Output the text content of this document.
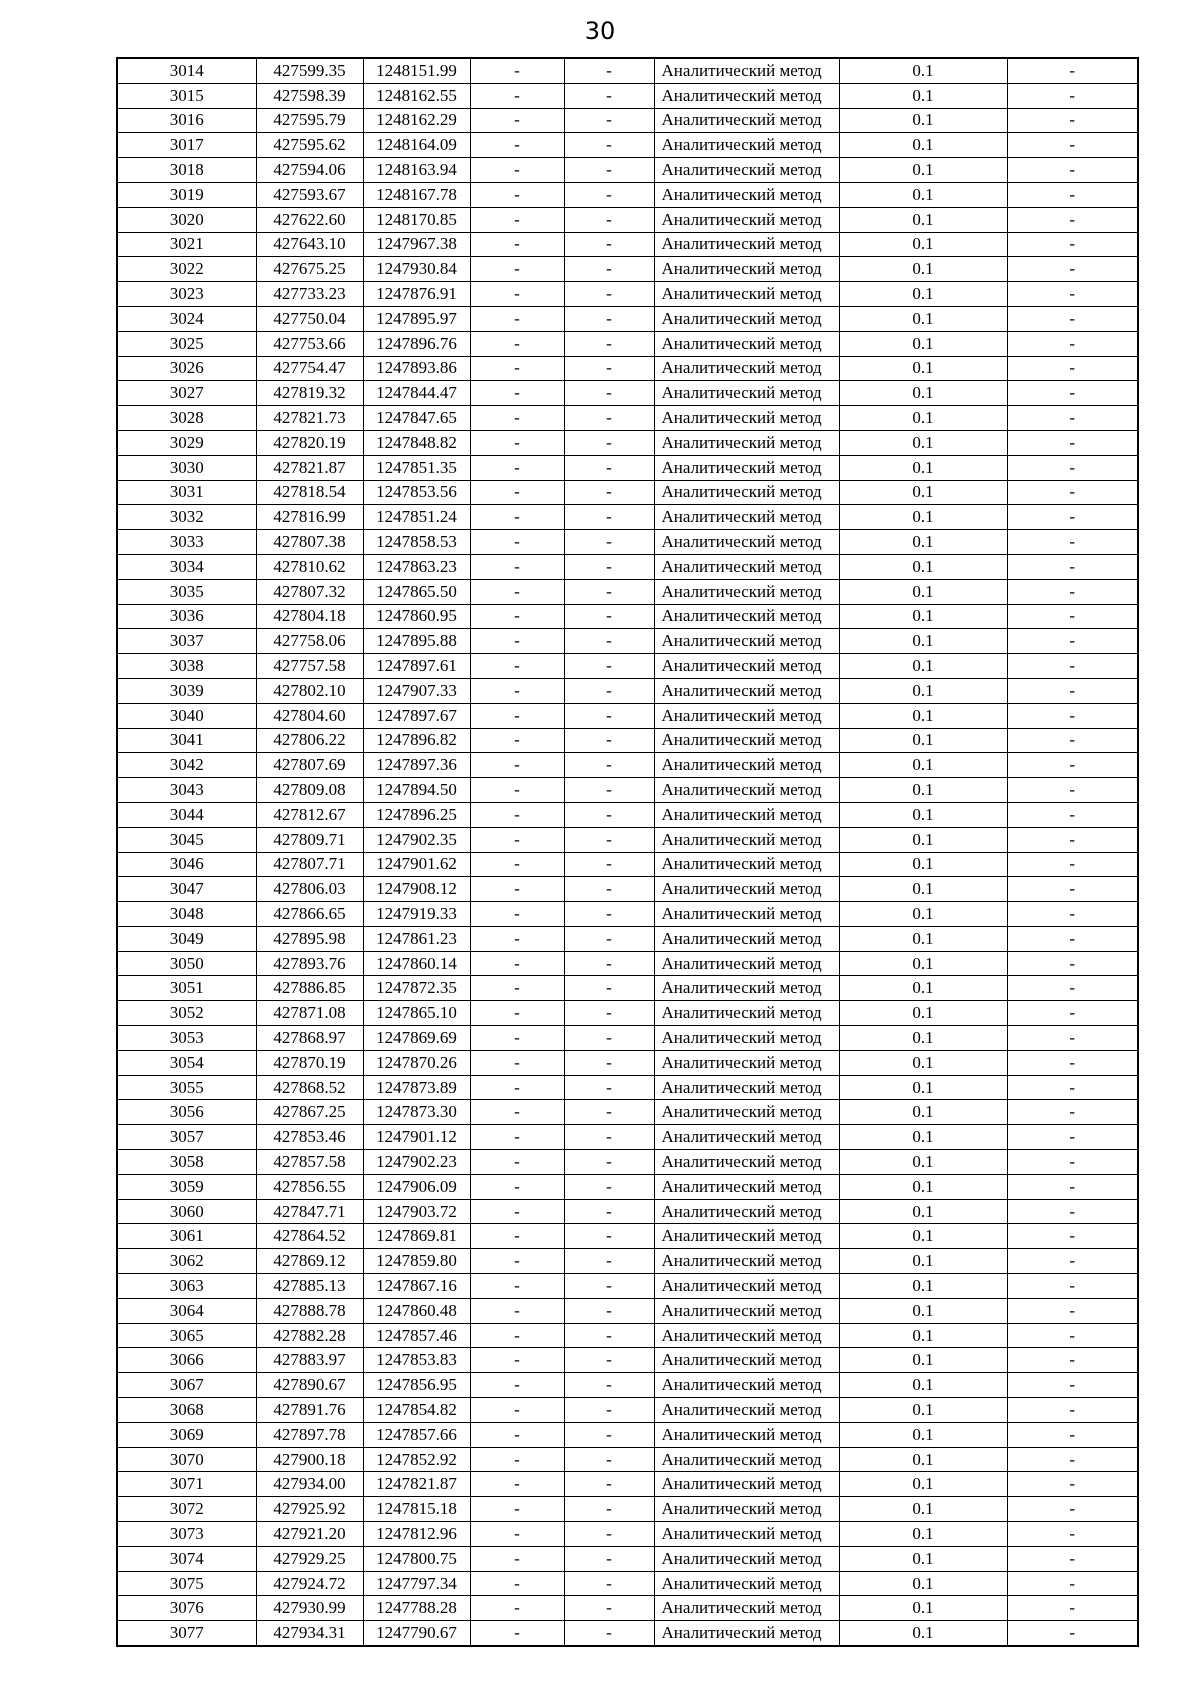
30
3014	427599.35	1248151.99	-	-	Аналитический метод	0.1	-
3015	427598.39	1248162.55	-	-	Аналитический метод	0.1	-
3016	427595.79	1248162.29	-	-	Аналитический метод	0.1	-
3017	427595.62	1248164.09	-	-	Аналитический метод	0.1	-
3018	427594.06	1248163.94	-	-	Аналитический метод	0.1	-
3019	427593.67	1248167.78	-	-	Аналитический метод	0.1	-
3020	427622.60	1248170.85	-	-	Аналитический метод	0.1	-
3021	427643.10	1247967.38	-	-	Аналитический метод	0.1	-
3022	427675.25	1247930.84	-	-	Аналитический метод	0.1	-
3023	427733.23	1247876.91	-	-	Аналитический метод	0.1	-
3024	427750.04	1247895.97	-	-	Аналитический метод	0.1	-
3025	427753.66	1247896.76	-	-	Аналитический метод	0.1	-
3026	427754.47	1247893.86	-	-	Аналитический метод	0.1	-
3027	427819.32	1247844.47	-	-	Аналитический метод	0.1	-
3028	427821.73	1247847.65	-	-	Аналитический метод	0.1	-
3029	427820.19	1247848.82	-	-	Аналитический метод	0.1	-
3030	427821.87	1247851.35	-	-	Аналитический метод	0.1	-
3031	427818.54	1247853.56	-	-	Аналитический метод	0.1	-
3032	427816.99	1247851.24	-	-	Аналитический метод	0.1	-
3033	427807.38	1247858.53	-	-	Аналитический метод	0.1	-
3034	427810.62	1247863.23	-	-	Аналитический метод	0.1	-
3035	427807.32	1247865.50	-	-	Аналитический метод	0.1	-
3036	427804.18	1247860.95	-	-	Аналитический метод	0.1	-
3037	427758.06	1247895.88	-	-	Аналитический метод	0.1	-
3038	427757.58	1247897.61	-	-	Аналитический метод	0.1	-
3039	427802.10	1247907.33	-	-	Аналитический метод	0.1	-
3040	427804.60	1247897.67	-	-	Аналитический метод	0.1	-
3041	427806.22	1247896.82	-	-	Аналитический метод	0.1	-
3042	427807.69	1247897.36	-	-	Аналитический метод	0.1	-
3043	427809.08	1247894.50	-	-	Аналитический метод	0.1	-
3044	427812.67	1247896.25	-	-	Аналитический метод	0.1	-
3045	427809.71	1247902.35	-	-	Аналитический метод	0.1	-
3046	427807.71	1247901.62	-	-	Аналитический метод	0.1	-
3047	427806.03	1247908.12	-	-	Аналитический метод	0.1	-
3048	427866.65	1247919.33	-	-	Аналитический метод	0.1	-
3049	427895.98	1247861.23	-	-	Аналитический метод	0.1	-
3050	427893.76	1247860.14	-	-	Аналитический метод	0.1	-
3051	427886.85	1247872.35	-	-	Аналитический метод	0.1	-
3052	427871.08	1247865.10	-	-	Аналитический метод	0.1	-
3053	427868.97	1247869.69	-	-	Аналитический метод	0.1	-
3054	427870.19	1247870.26	-	-	Аналитический метод	0.1	-
3055	427868.52	1247873.89	-	-	Аналитический метод	0.1	-
3056	427867.25	1247873.30	-	-	Аналитический метод	0.1	-
3057	427853.46	1247901.12	-	-	Аналитический метод	0.1	-
3058	427857.58	1247902.23	-	-	Аналитический метод	0.1	-
3059	427856.55	1247906.09	-	-	Аналитический метод	0.1	-
3060	427847.71	1247903.72	-	-	Аналитический метод	0.1	-
3061	427864.52	1247869.81	-	-	Аналитический метод	0.1	-
3062	427869.12	1247859.80	-	-	Аналитический метод	0.1	-
3063	427885.13	1247867.16	-	-	Аналитический метод	0.1	-
3064	427888.78	1247860.48	-	-	Аналитический метод	0.1	-
3065	427882.28	1247857.46	-	-	Аналитический метод	0.1	-
3066	427883.97	1247853.83	-	-	Аналитический метод	0.1	-
3067	427890.67	1247856.95	-	-	Аналитический метод	0.1	-
3068	427891.76	1247854.82	-	-	Аналитический метод	0.1	-
3069	427897.78	1247857.66	-	-	Аналитический метод	0.1	-
3070	427900.18	1247852.92	-	-	Аналитический метод	0.1	-
3071	427934.00	1247821.87	-	-	Аналитический метод	0.1	-
3072	427925.92	1247815.18	-	-	Аналитический метод	0.1	-
3073	427921.20	1247812.96	-	-	Аналитический метод	0.1	-
3074	427929.25	1247800.75	-	-	Аналитический метод	0.1	-
3075	427924.72	1247797.34	-	-	Аналитический метод	0.1	-
3076	427930.99	1247788.28	-	-	Аналитический метод	0.1	-
3077	427934.31	1247790.67	-	-	Аналитический метод	0.1	-
